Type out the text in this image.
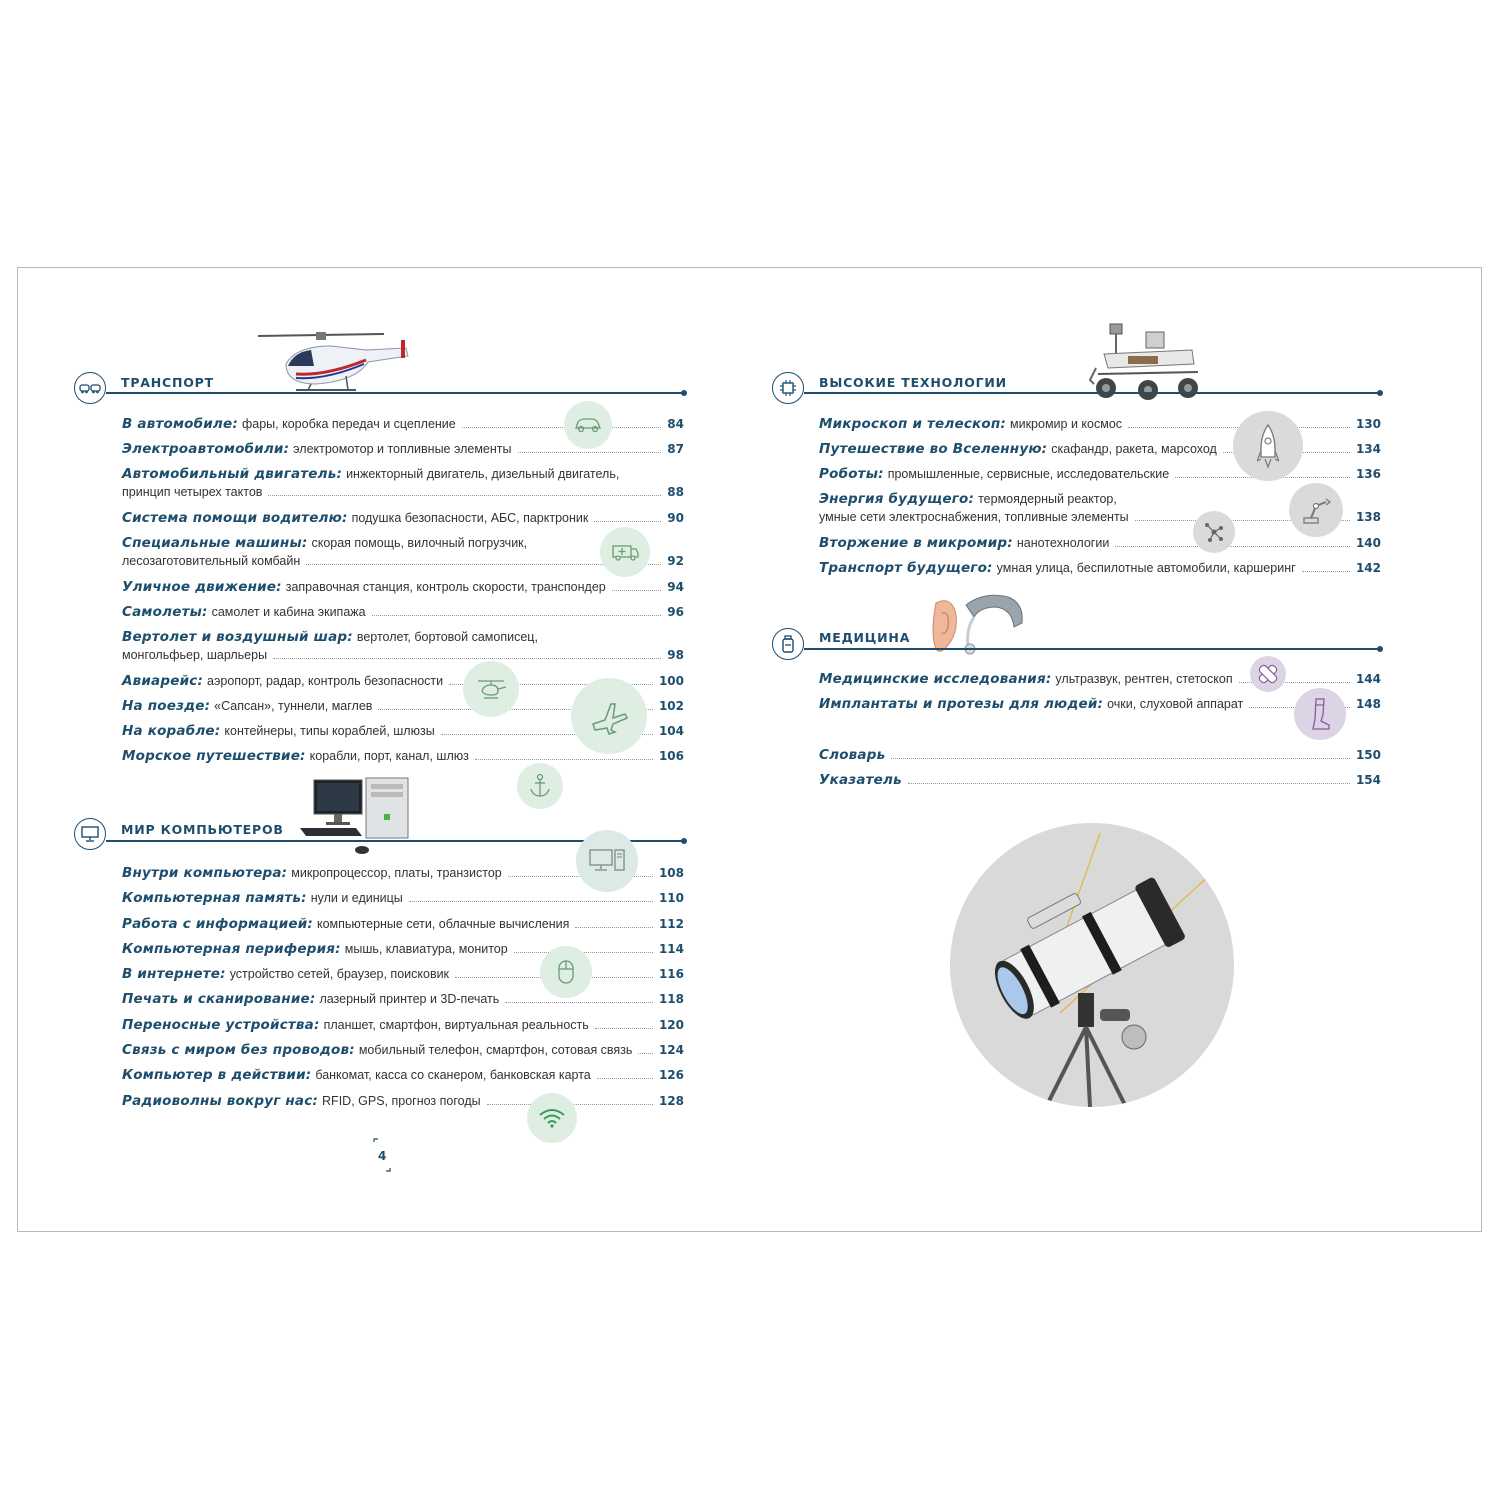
ТРАНСПОРТ
В автомобиле: фары, коробка передач и сцепление	84
Электроавтомобили: электромотор и топливные элементы	87
Автомобильный двигатель: инжекторный двигатель, дизельный двигатель,
принцип четырех тактов	88
Система помощи водителю: подушка безопасности, АБС, парктроник	90
Специальные машины: скорая помощь, вилочный погрузчик,
лесозаготовительный комбайн	92
Уличное движение: заправочная станция, контроль скорости, транспондер	94
Самолеты: самолет и кабина экипажа	96
Вертолет и воздушный шар: вертолет, бортовой самописец,
монгольфьер, шарльеры	98
Авиарейс: аэропорт, радар, контроль безопасности	100
На поезде: «Сапсан», туннели, маглев	102
На корабле: контейнеры, типы кораблей, шлюзы	104
Морское путешествие: корабли, порт, канал, шлюз	106
МИР КОМПЬЮТЕРОВ
Внутри компьютера: микропроцессор, платы, транзистор	108
Компьютерная память: нули и единицы	110
Работа с информацией: компьютерные сети, облачные вычисления	112
Компьютерная периферия: мышь, клавиатура, монитор	114
В интернете: устройство сетей, браузер, поисковик	116
Печать и сканирование: лазерный принтер и 3D-печать	118
Переносные устройства: планшет, смартфон, виртуальная реальность	120
Связь с миром без проводов: мобильный телефон, смартфон, сотовая связь 124
Компьютер в действии: банкомат, касса со сканером, банковская карта	126
Радиоволны вокруг нас: RFID, GPS, прогноз погоды	128
4
ВЫСОКИЕ ТЕХНОЛОГИИ
Микроскоп и телескоп: микромир и космос	130
Путешествие во Вселенную: скафандр, ракета, марсоход	134
Роботы: промышленные, сервисные, исследовательские	136
Энергия будущего: термоядерный реактор,
умные сети электроснабжения, топливные элементы	138
Вторжение в микромир: нанотехнологии	140
Транспорт будущего: умная улица, беспилотные автомобили, каршеринг	142
МЕДИЦИНА
Медицинские исследования: ультразвук, рентген, стетоскоп	144
Имплантаты и протезы для людей: очки, слуховой аппарат	148
Словарь	150
Указатель	154
